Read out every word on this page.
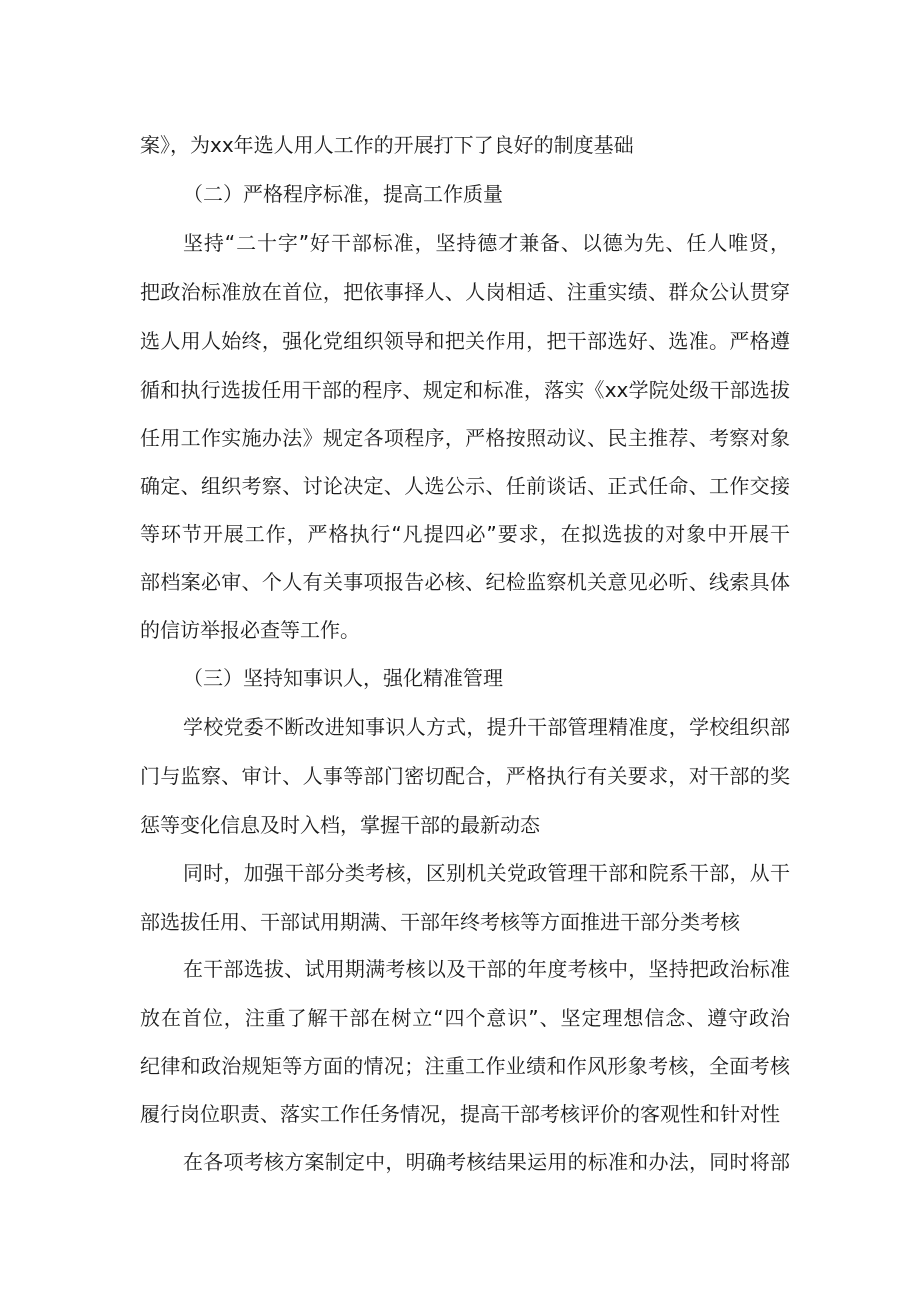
案》，为xx年选人用人工作的开展打下了良好的制度基础
（二）严格程序标准，提高工作质量
坚持“二十字”好干部标准，坚持德才兼备、以德为先、任人唯贤，
把政治标准放在首位，把依事择人、人岗相适、注重实绩、群众公认贯穿
选人用人始终，强化党组织领导和把关作用，把干部选好、选准。严格遵
循和执行选拔任用干部的程序、规定和标准，落实《xx学院处级干部选拔
任用工作实施办法》规定各项程序，严格按照动议、民主推荐、考察对象
确定、组织考察、讨论决定、人选公示、任前谈话、正式任命、工作交接
等环节开展工作，严格执行“凡提四必”要求，在拟选拔的对象中开展干
部档案必审、个人有关事项报告必核、纪检监察机关意见必听、线索具体
的信访举报必查等工作。
（三）坚持知事识人，强化精准管理
学校党委不断改进知事识人方式，提升干部管理精准度，学校组织部
门与监察、审计、人事等部门密切配合，严格执行有关要求，对干部的奖
惩等变化信息及时入档，掌握干部的最新动态
同时，加强干部分类考核，区别机关党政管理干部和院系干部，从干
部选拔任用、干部试用期满、干部年终考核等方面推进干部分类考核
在干部选拔、试用期满考核以及干部的年度考核中，坚持把政治标准
放在首位，注重了解干部在树立“四个意识”、坚定理想信念、遵守政治
纪律和政治规矩等方面的情况；注重工作业绩和作风形象考核，全面考核
履行岗位职责、落实工作任务情况，提高干部考核评价的客观性和针对性
在各项考核方案制定中，明确考核结果运用的标准和办法，同时将部
